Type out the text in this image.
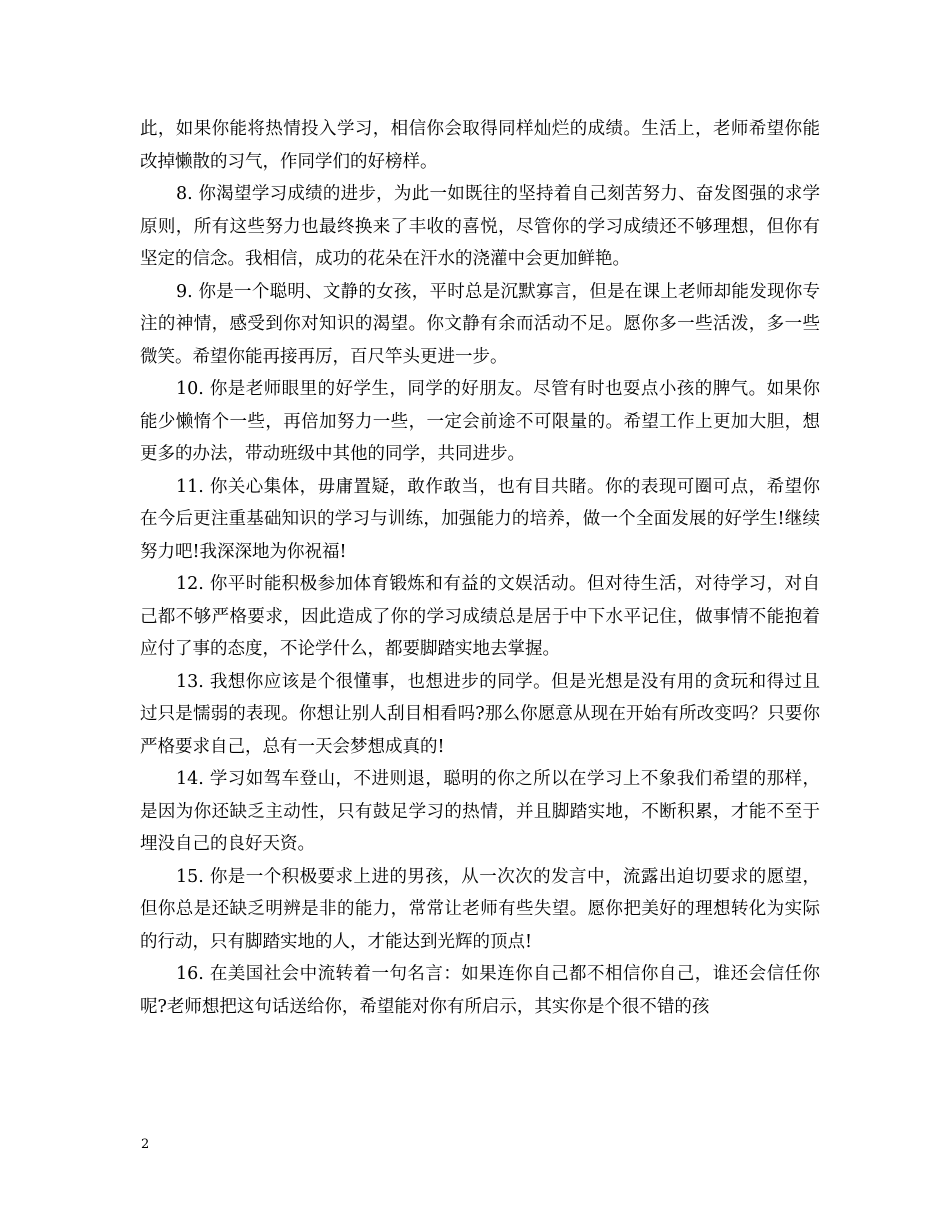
此，如果你能将热情投入学习，相信你会取得同样灿烂的成绩。生活上，老师希望你能改掉懒散的习气，作同学们的好榜样。

8. 你渴望学习成绩的进步，为此一如既往的坚持着自己刻苦努力、奋发图强的求学原则，所有这些努力也最终换来了丰收的喜悦，尽管你的学习成绩还不够理想，但你有坚定的信念。我相信，成功的花朵在汗水的浇灌中会更加鲜艳。

9. 你是一个聪明、文静的女孩，平时总是沉默寡言，但是在课上老师却能发现你专注的神情，感受到你对知识的渴望。你文静有余而活动不足。愿你多一些活泼，多一些微笑。希望你能再接再厉，百尺竿头更进一步。

10. 你是老师眼里的好学生，同学的好朋友。尽管有时也耍点小孩的脾气。如果你能少懒惰个一些，再倍加努力一些，一定会前途不可限量的。希望工作上更加大胆，想更多的办法，带动班级中其他的同学，共同进步。

11. 你关心集体，毋庸置疑，敢作敢当，也有目共睹。你的表现可圈可点，希望你在今后更注重基础知识的学习与训练，加强能力的培养，做一个全面发展的好学生!继续努力吧!我深深地为你祝福!

12. 你平时能积极参加体育锻炼和有益的文娱活动。但对待生活，对待学习，对自己都不够严格要求，因此造成了你的学习成绩总是居于中下水平记住，做事情不能抱着应付了事的态度，不论学什么，都要脚踏实地去掌握。

13. 我想你应该是个很懂事，也想进步的同学。但是光想是没有用的贪玩和得过且过只是懦弱的表现。你想让别人刮目相看吗?那么你愿意从现在开始有所改变吗？只要你严格要求自己，总有一天会梦想成真的!

14. 学习如驾车登山，不进则退，聪明的你之所以在学习上不象我们希望的那样，是因为你还缺乏主动性，只有鼓足学习的热情，并且脚踏实地，不断积累，才能不至于埋没自己的良好天资。

15. 你是一个积极要求上进的男孩，从一次次的发言中，流露出迫切要求的愿望，但你总是还缺乏明辨是非的能力，常常让老师有些失望。愿你把美好的理想转化为实际的行动，只有脚踏实地的人，才能达到光辉的顶点!

16. 在美国社会中流转着一句名言：如果连你自己都不相信你自己，谁还会信任你呢?老师想把这句话送给你，希望能对你有所启示，其实你是个很不错的孩

2
